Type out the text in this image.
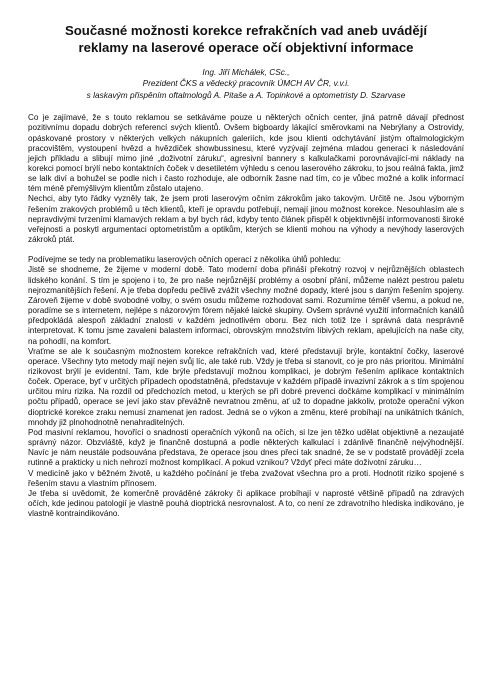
Současné možnosti korekce refrakčních vad aneb uvádějí
reklamy na laserové operace očí objektivní informace
Ing. Jiří Michálek, CSc.,
Prezident ČKS a vědecký pracovník ÚMCH AV ČR, v.v.i.
s laskavým přispěním oftalmologů A. Pitaše a A. Topinkové a optometristy D. Szarvase

Co je zajímavé, že s touto reklamou se setkáváme pouze u některých očních center, jiná patrně dávají přednost pozitivnímu dopadu dobrých referencí svých klientů. Ovšem bigboardy lákající směrovkami na Nebrýlany a Ostrovidy, opáskované prostory v některých velkých nákupních galeriích, kde jsou klienti odchytávání jistým oftalmologickým pracovištěm, vystoupení hvězd a hvězdiček showbussinesu, které vyzývají zejména mladou generaci k následování jejich příkladu a slibují mimo jiné „doživotní záruku“, agresivní bannery s kalkulačkami porovnávající-mi náklady na korekci pomocí brýlí nebo kontaktních čoček v desetiletém výhledu s cenou laserového zákroku, to jsou reálná fakta, jimž se lalk diví a bohužel se podle nich i často rozhoduje, ale odborník žasne nad tím, co je vůbec možné a kolik informací tém méně přemýšlivým klientům zůstalo utajeno.

Nechci, aby tyto řádky vyzněly tak, že jsem proti laserovým očním zákrokům jako takovým. Určitě ne. Jsou výborným řešením zrakových problémů u těch klientů, kteří je opravdu potřebují, nemají jinou možnost korekce. Nesouhlasím ale s nepravdivými tvrzeními klamavých reklam a byl bych rád, kdyby tento článek přispěl k objektivnější informovanosti široké veřejnosti a poskytl argumentaci optometristům a optikům, kterých se klienti mohou na výhody a nevýhody laserových zákroků ptát.

Podívejme se tedy na problematiku laserových očních operací z několika úhlů pohledu:

Jistě se shodneme, že žijeme v moderní době. Tato moderní doba přináší překotný rozvoj v nejrůznějších oblastech lidského konání. S tím je spojeno i to, že pro naše nejrůznější problémy a osobní přání, můžeme nalézt pestrou paletu nejrozmanitějších řešení. A je třeba dopředu pečlivě zvážit všechny možné dopady, které jsou s daným řešením spojeny. Zároveň žijeme v době svobodné volby, o svém osudu můžeme rozhodovat sami. Rozumíme téměř všemu, a pokud ne, poradíme se s internetem, nejlépe s názorovým fórem nějaké laické skupiny. Ovšem správné využití informačních kanálů předpokládá alespoň základní znalosti v každém jednotlivém oboru. Bez nich totiž lze i správná data nesprávně interpretovat. K tomu jsme zavaleni balastem informací, obrovským množstvím líbivých reklam, apelujících na naše city, na pohodlí, na komfort.

Vraťme se ale k současným možnostem korekce refrakčních vad, které představují brýle, kontaktní čočky, laserové operace. Všechny tyto metody mají nejen svůj líc, ale také rub. Vždy je třeba si stanovit, co je pro nás prioritou. Minimální rizikovost brýlí je evidentní. Tam, kde brýle představují možnou komplikaci, je dobrým řešením aplikace kontaktních čoček. Operace, byť v určitých případech opodstatněná, představuje v každém případě invazivní zákrok a s tím spojenou určitou míru rizika. Na rozdíl od předchozích metod, u kterých se při dobré prevenci dočkáme komplikací v minimálním počtu případů, operace se jeví jako stav převážně nevratnou změnu, ať už to dopadne jakkoliv, protože operační výkon dioptrické korekce zraku nemusí znamenat jen radost. Jedná se o výkon a změnu, které probíhají na unikátních tkáních, mnohdy již plnohodnotně nenahraditelných.

Pod masivní reklamou, hovořící o snadnosti operačních výkonů na očích, si lze jen těžko udělat objektivně a nezaujaté správný názor. Obzvláště, když je finančně dostupná a podle některých kalkulací i zdánlivě finančně nejvýhodnější. Navíc je nám neustále podsouvána představa, že operace jsou dnes přeci tak snadné, že se v podstatě provádějí zcela rutinně a prakticky u nich nehrozí možnost komplikací. A pokud vznikou? Vždyť přeci máte doživotní záruku…

V medicíně jako v běžném životě, u každého počínání je třeba zvažovat všechna pro a proti. Hodnotit riziko spojené s řešením stavu a vlastním přínosem.

Je třeba si uvědomit, že komerčně prováděné zákroky či aplikace probíhají v naprosté většině případů na zdravých očích, kde jedinou patologií je vlastně pouhá dioptrická nesrovnalost. A to, co není ze zdravotního hlediska indikováno, je vlastně kontraindikováno.
